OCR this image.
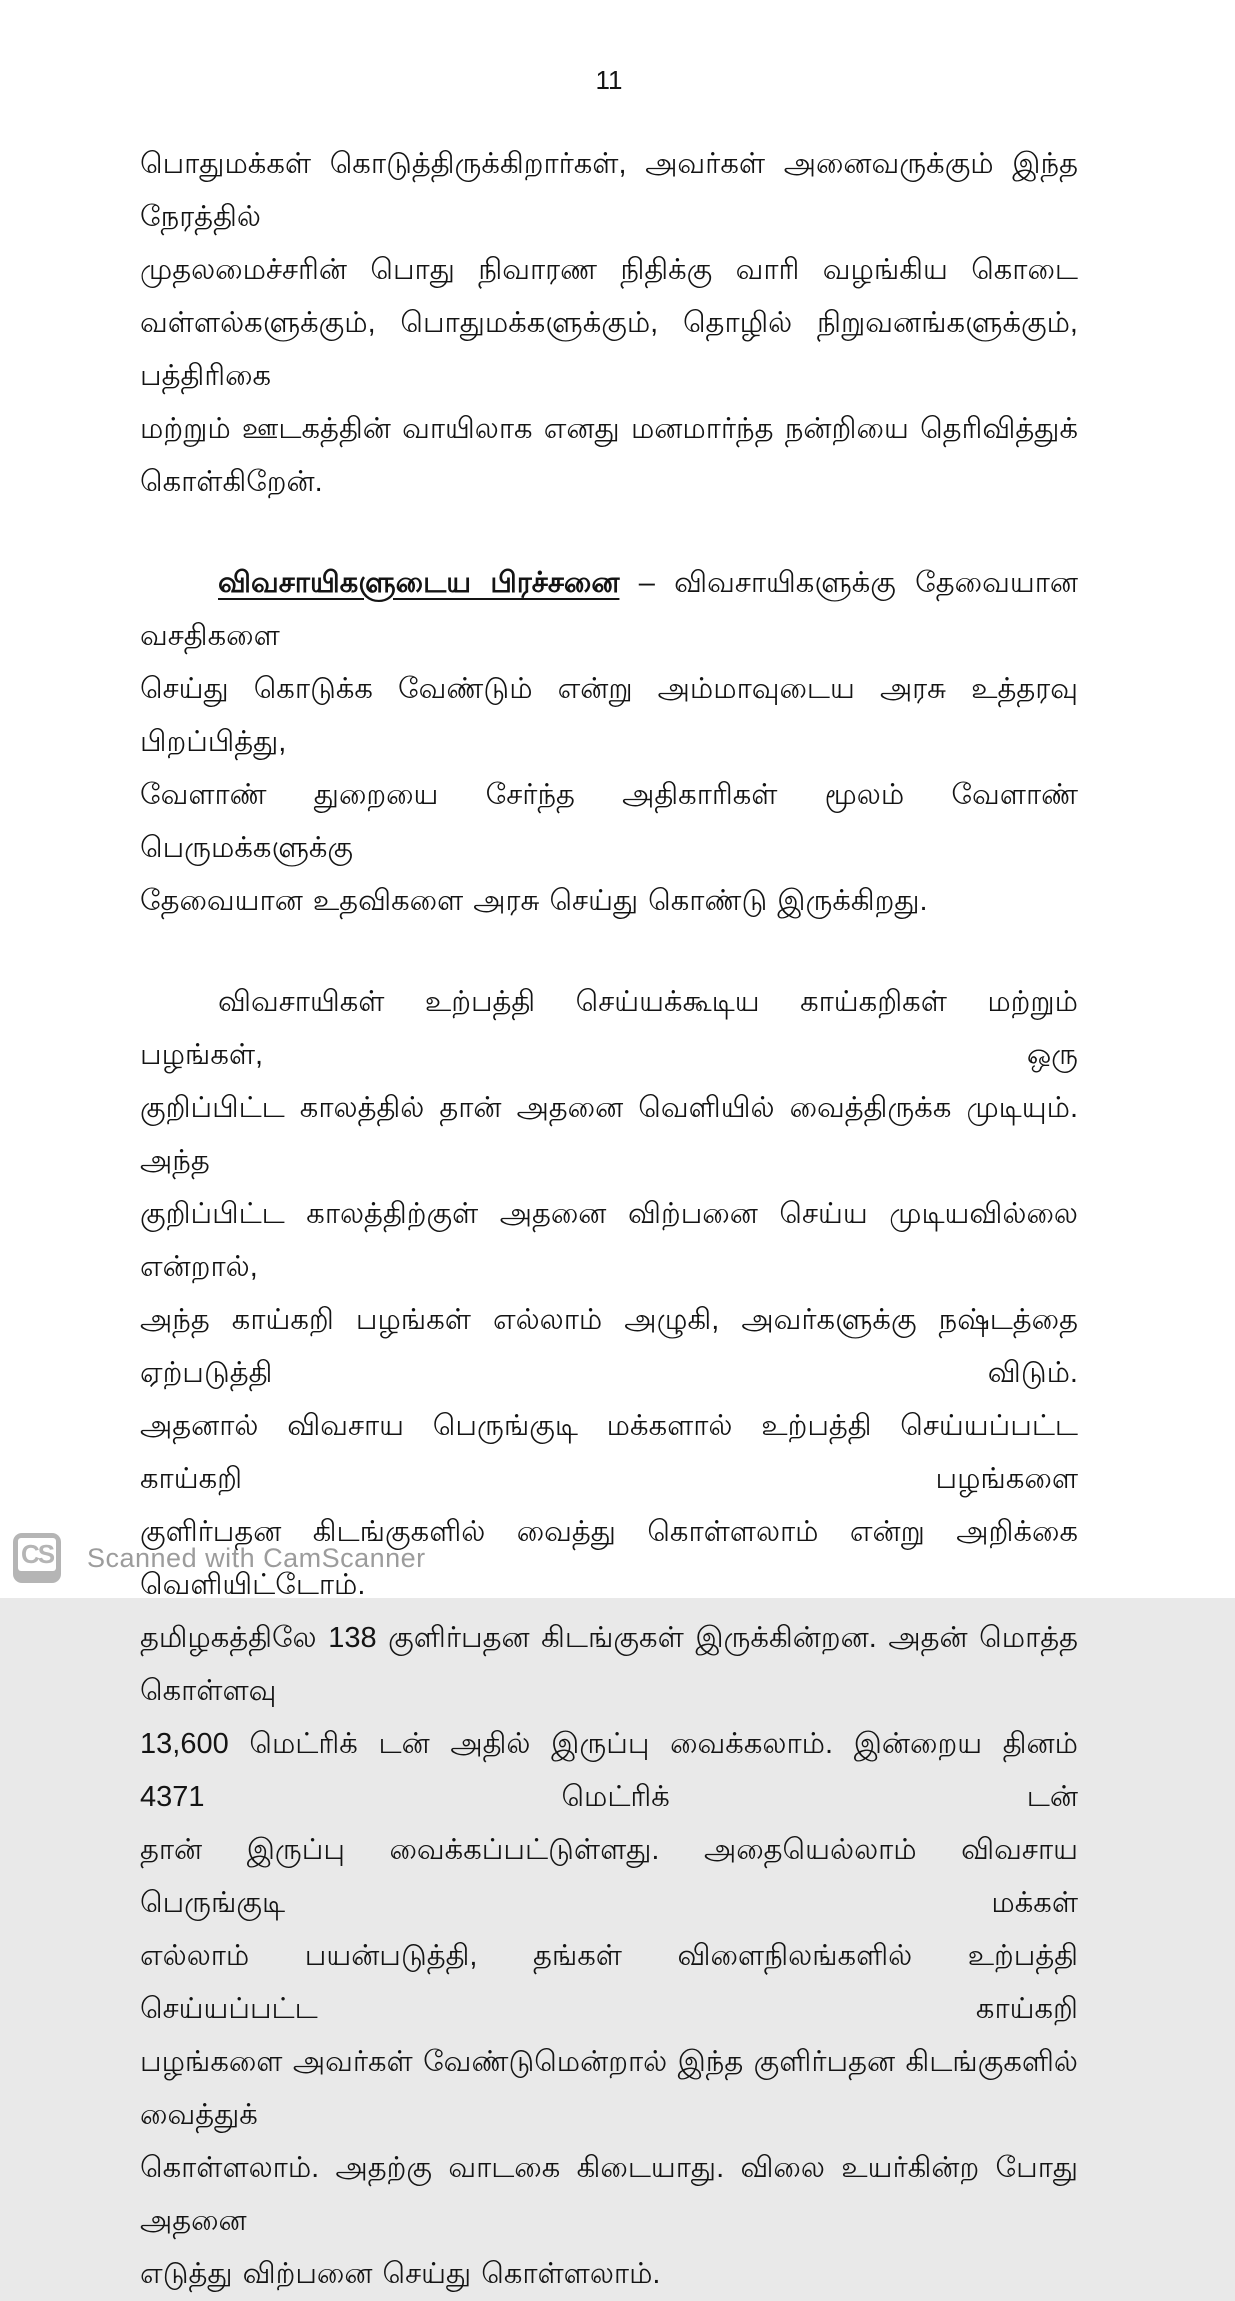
11
பொதுமக்கள் கொடுத்திருக்கிறார்கள், அவர்கள் அனைவருக்கும் இந்த நேரத்தில்
முதலமைச்சரின் பொது நிவாரண நிதிக்கு வாரி வழங்கிய கொடை
வள்ளல்களுக்கும், பொதுமக்களுக்கும், தொழில் நிறுவனங்களுக்கும், பத்திரிகை
மற்றும் ஊடகத்தின் வாயிலாக எனது மனமார்ந்த நன்றியை தெரிவித்துக்
கொள்கிறேன்.
விவசாயிகளுடைய பிரச்சனை – விவசாயிகளுக்கு தேவையான வசதிகளை
செய்து கொடுக்க வேண்டும் என்று அம்மாவுடைய அரசு உத்தரவு பிறப்பித்து,
வேளாண் துறையை சேர்ந்த அதிகாரிகள் மூலம் வேளாண் பெருமக்களுக்கு
தேவையான உதவிகளை அரசு செய்து கொண்டு இருக்கிறது.
விவசாயிகள் உற்பத்தி செய்யக்கூடிய காய்கறிகள் மற்றும் பழங்கள், ஒரு
குறிப்பிட்ட காலத்தில் தான் அதனை வெளியில் வைத்திருக்க முடியும். அந்த
குறிப்பிட்ட காலத்திற்குள் அதனை விற்பனை செய்ய முடியவில்லை என்றால்,
அந்த காய்கறி பழங்கள் எல்லாம் அழுகி, அவர்களுக்கு நஷ்டத்தை ஏற்படுத்தி விடும்.
அதனால் விவசாய பெருங்குடி மக்களால் உற்பத்தி செய்யப்பட்ட காய்கறி பழங்களை
குளிர்பதன கிடங்குகளில் வைத்து கொள்ளலாம் என்று அறிக்கை வெளியிட்டோம்.
தமிழகத்திலே 138 குளிர்பதன கிடங்குகள் இருக்கின்றன. அதன் மொத்த கொள்ளவு
13,600 மெட்ரிக் டன் அதில் இருப்பு வைக்கலாம். இன்றைய தினம் 4371 மெட்ரிக் டன்
தான் இருப்பு வைக்கப்பட்டுள்ளது. அதையெல்லாம் விவசாய பெருங்குடி மக்கள்
எல்லாம் பயன்படுத்தி, தங்கள் விளைநிலங்களில் உற்பத்தி செய்யப்பட்ட காய்கறி
பழங்களை அவர்கள் வேண்டுமென்றால் இந்த குளிர்பதன கிடங்குகளில் வைத்துக்
கொள்ளலாம். அதற்கு வாடகை கிடையாது. விலை உயர்கின்ற போது அதனை
எடுத்து விற்பனை செய்து கொள்ளலாம்.
CS Scanned with CamScanner
